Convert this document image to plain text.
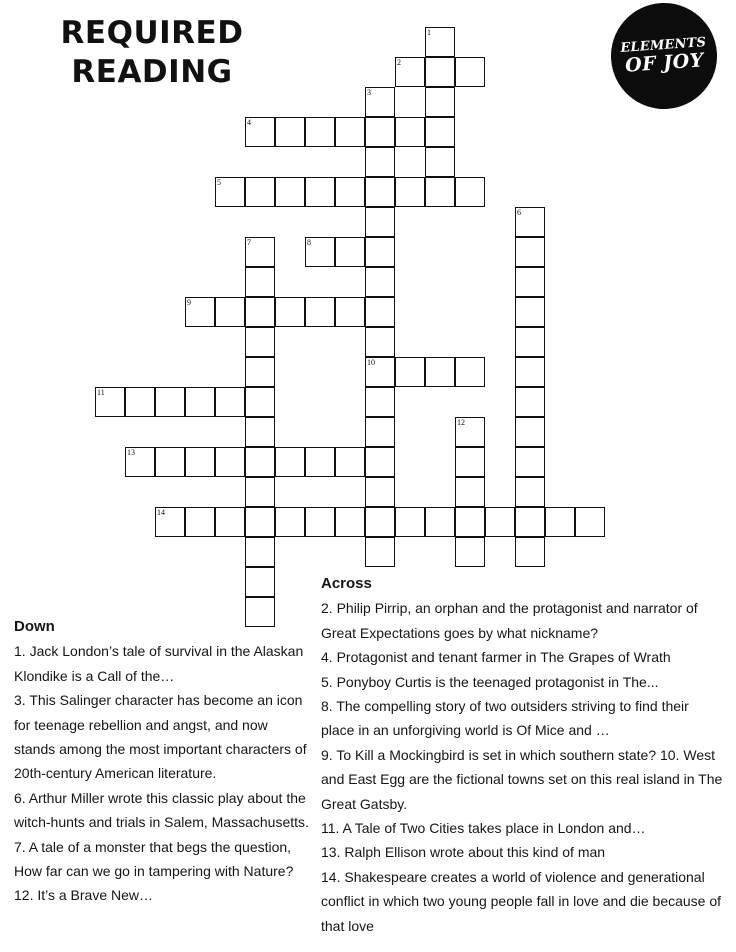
REQUIRED
READING
ELEMENTS
OF JOY
2
4
5
8
9
10
11
13
14
1
3
6
7
12
Down

1. Jack London’s tale of survival in the Alaskan Klondike is a Call of the…

3. This Salinger character has become an icon for teenage rebellion and angst, and now stands among the most important characters of 20th-century American literature.

6. Arthur Miller wrote this classic play about the witch-hunts and trials in Salem, Massachusetts.

7. A tale of a monster that begs the question, How far can we go in tampering with Nature?

12. It’s a Brave New…

Across

2. Philip Pirrip, an orphan and the protagonist and narrator of Great Expectations goes by what nickname?

4. Protagonist and tenant farmer in The Grapes of Wrath

5. Ponyboy Curtis is the teenaged protagonist in The...

8. The compelling story of two outsiders striving to find their place in an unforgiving world is Of Mice and …

9. To Kill a Mockingbird is set in which southern state? 10. West and East Egg are the fictional towns set on this real island in The Great Gatsby.

11. A Tale of Two Cities takes place in London and…

13. Ralph Ellison wrote about this kind of man

14. Shakespeare creates a world of violence and generational conflict in which two young people fall in love and die because of that love
